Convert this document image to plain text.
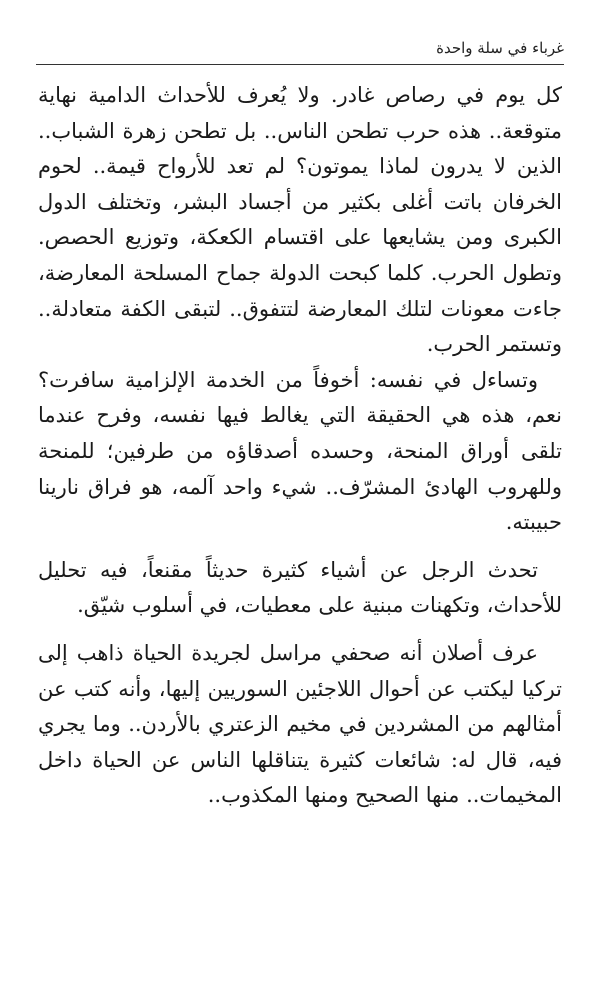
غرباء في سلة واحدة

كل يوم في رصاص غادر. ولا يُعرف للأحداث الدامية نهاية متوقعة.. هذه حرب تطحن الناس.. بل تطحن زهرة الشباب.. الذين لا يدرون لماذا يموتون؟ لم تعد للأرواح قيمة.. لحوم الخرفان باتت أغلى بكثير من أجساد البشر، وتختلف الدول الكبرى ومن يشايعها على اقتسام الكعكة، وتوزيع الحصص. وتطول الحرب. كلما كبحت الدولة جماح المسلحة المعارضة، جاءت معونات لتلك المعارضة لتتفوق.. لتبقى الكفة متعادلة.. وتستمر الحرب.

وتساءل في نفسه: أخوفاً من الخدمة الإلزامية سافرت؟ نعم، هذه هي الحقيقة التي يغالط فيها نفسه، وفرح عندما تلقى أوراق المنحة، وحسده أصدقاؤه من طرفين؛ للمنحة وللهروب الهادئ المشرّف.. شيء واحد آلمه، هو فراق نارينا حبيبته.

تحدث الرجل عن أشياء كثيرة حديثاً مقنعاً، فيه تحليل للأحداث، وتكهنات مبنية على معطيات، في أسلوب شيّق.

عرف أصلان أنه صحفي مراسل لجريدة الحياة ذاهب إلى تركيا ليكتب عن أحوال اللاجئين السوريين إليها، وأنه كتب عن أمثالهم من المشردين في مخيم الزعتري بالأردن.. وما يجري فيه، قال له: شائعات كثيرة يتناقلها الناس عن الحياة داخل المخيمات.. منها الصحيح ومنها المكذوب..
